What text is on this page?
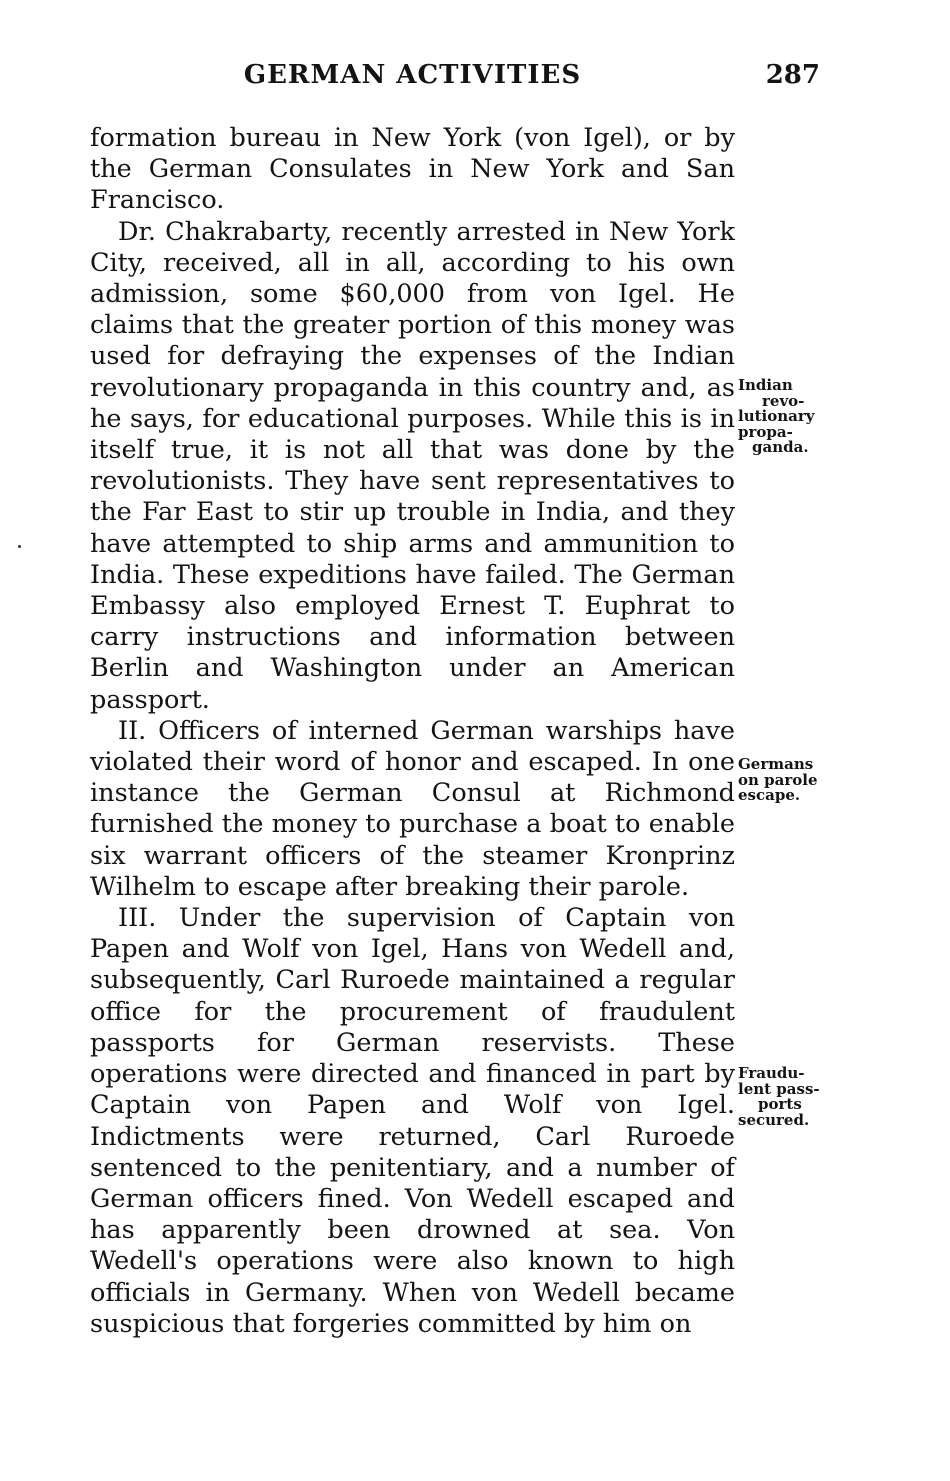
GERMAN ACTIVITIES	287

formation bureau in New York (von Igel), or by the German Consulates in New York and San Francisco.

Dr. Chakrabarty, recently arrested in New York City, received, all in all, according to his own admission, some $60,000 from von Igel. He claims that the greater portion of this money was used for defraying the expenses of the Indian revolutionary propaganda in this country and, as he says, for educational purposes. While this is in itself true, it is not all that was done by the revolutionists. They have sent representatives to the Far East to stir up trouble in India, and they have attempted to ship arms and ammunition to India. These expeditions have failed. The German Embassy also employed Ernest T. Euphrat to carry instructions and information between Berlin and Washington under an American passport.

II. Officers of interned German warships have violated their word of honor and escaped. In one instance the German Consul at Richmond furnished the money to purchase a boat to enable six warrant officers of the steamer Kronprinz Wilhelm to escape after breaking their parole.

III. Under the supervision of Captain von Papen and Wolf von Igel, Hans von Wedell and, subsequently, Carl Ruroede maintained a regular office for the procurement of fraudulent passports for German reservists. These operations were directed and financed in part by Captain von Papen and Wolf von Igel. Indictments were returned, Carl Ruroede sentenced to the penitentiary, and a number of German officers fined. Von Wedell escaped and has apparently been drowned at sea. Von Wedell's operations were also known to high officials in Germany. When von Wedell became suspicious that forgeries committed by him on

Indian
revo-
lutionary
propa-
ganda.
Germans
on parole
escape.
Fraudu-
lent pass-
ports
secured.
